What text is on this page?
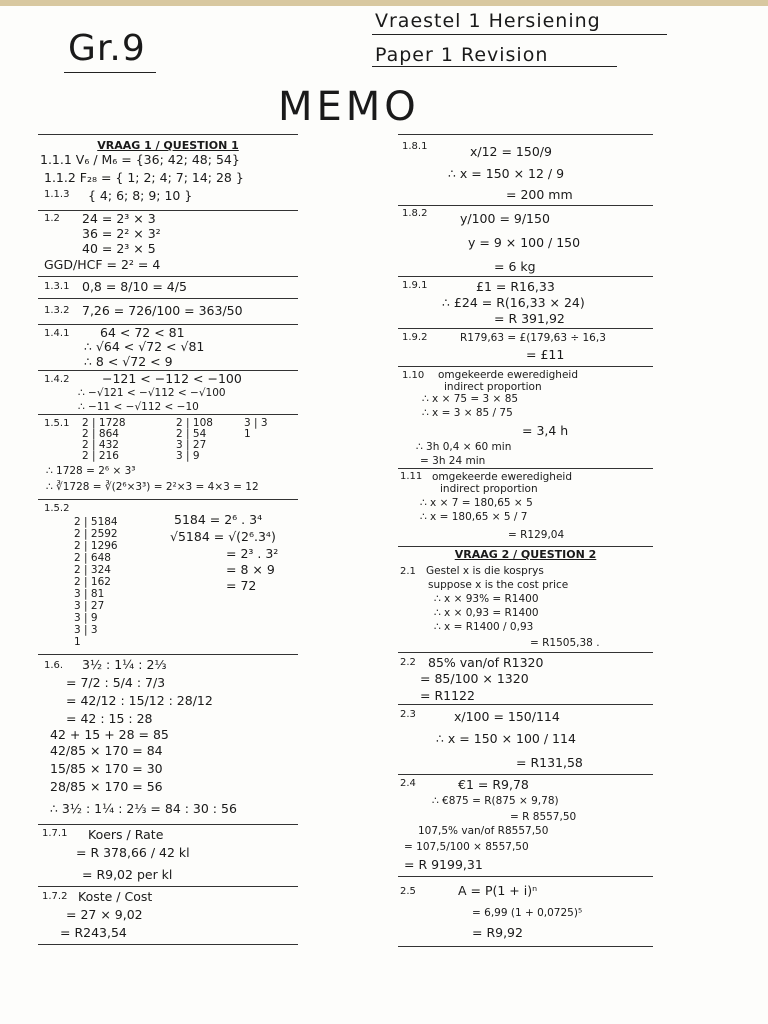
Gr.9
Vraestel 1 Hersiening
Paper 1 Revision
MEMO
VRAAG 1 / QUESTION 1
1.1.1 V₆ / M₆ = {36; 42; 48; 54}
1.1.2 F₂₈ = { 1; 2; 4; 7; 14; 28 }
1.1.3 { 4; 6; 8; 9; 10 }
1.2 24 = 2³ × 3
36 = 2² × 3²
40 = 2³ × 5
GGD/HCF = 2² = 4
1.3.1 0,8 = 8/10 = 4/5
1.3.2 7,26 = 726/100 = 363/50
1.4.1 64 < 72 < 81
∴ √64 < √72 < √81
∴ 8 < √72 < 9
1.4.2	−121 < −112 < −100
∴ −√121 < −√112 < −√100
∴ −11 < −√112 < −10
1.5.1 2 | 1728
2 | 864
2 | 432
2 | 216
2 | 108
2 | 54
3 | 27
3 | 9
3 | 3
1
∴ 1728 = 2⁶ × 3³
∴ ∛1728 = ∛(2⁶×3³) = 2²×3 = 4×3 = 12
1.5.2
2 | 5184
2 | 2592
2 | 1296
2 | 648
2 | 324
2 | 162
3 | 81
3 | 27
3 | 9
3 | 3
1
5184 = 2⁶ . 3⁴
√5184 = √(2⁶.3⁴)
= 2³ . 3²
= 8 × 9
= 72
1.6. 3½ : 1¼ : 2⅓
= 7/2 : 5/4 : 7/3
= 42/12 : 15/12 : 28/12
= 42 : 15 : 28
42 + 15 + 28 = 85
42/85 × 170 = 84
15/85 × 170 = 30
28/85 × 170 = 56
∴ 3½ : 1¼ : 2⅓ = 84 : 30 : 56
1.7.1 Koers / Rate
= R 378,66 / 42 kl
= R9,02 per kl
1.7.2 Koste / Cost
= 27 × 9,02
= R243,54
1.8.1	x/12 = 150/9
∴ x = 150 × 12 / 9
= 200 mm
1.8.2	y/100 = 9/150
y = 9 × 100 / 150
= 6 kg
1.9.1	£1 = R16,33
∴ £24 = R(16,33 × 24)
= R 391,92
1.9.2	R179,63 = £(179,63 ÷ 16,3
= £11
1.10 omgekeerde eweredigheid
indirect proportion
∴ x × 75 = 3 × 85
∴ x = 3 × 85 / 75
= 3,4 h
∴ 3h 0,4 × 60 min
= 3h 24 min
1.11 omgekeerde eweredigheid
indirect proportion
∴ x × 7 = 180,65 × 5
∴ x = 180,65 × 5 / 7
= R129,04
VRAAG 2 / QUESTION 2
2.1 Gestel x is die kosprys
suppose x is the cost price
∴ x × 93% = R1400
∴ x × 0,93 = R1400
∴ x = R1400 / 0,93
= R1505,38 .
2.2 85% van/of R1320
= 85/100 × 1320
= R1122
2.3	x/100 = 150/114
∴ x = 150 × 100 / 114
= R131,58
2.4	€1 = R9,78
∴ €875 = R(875 × 9,78)
= R 8557,50
107,5% van/of R8557,50
= 107,5/100 × 8557,50
= R 9199,31
2.5	A = P(1 + i)ⁿ
= 6,99 (1 + 0,0725)⁵
= R9,92
